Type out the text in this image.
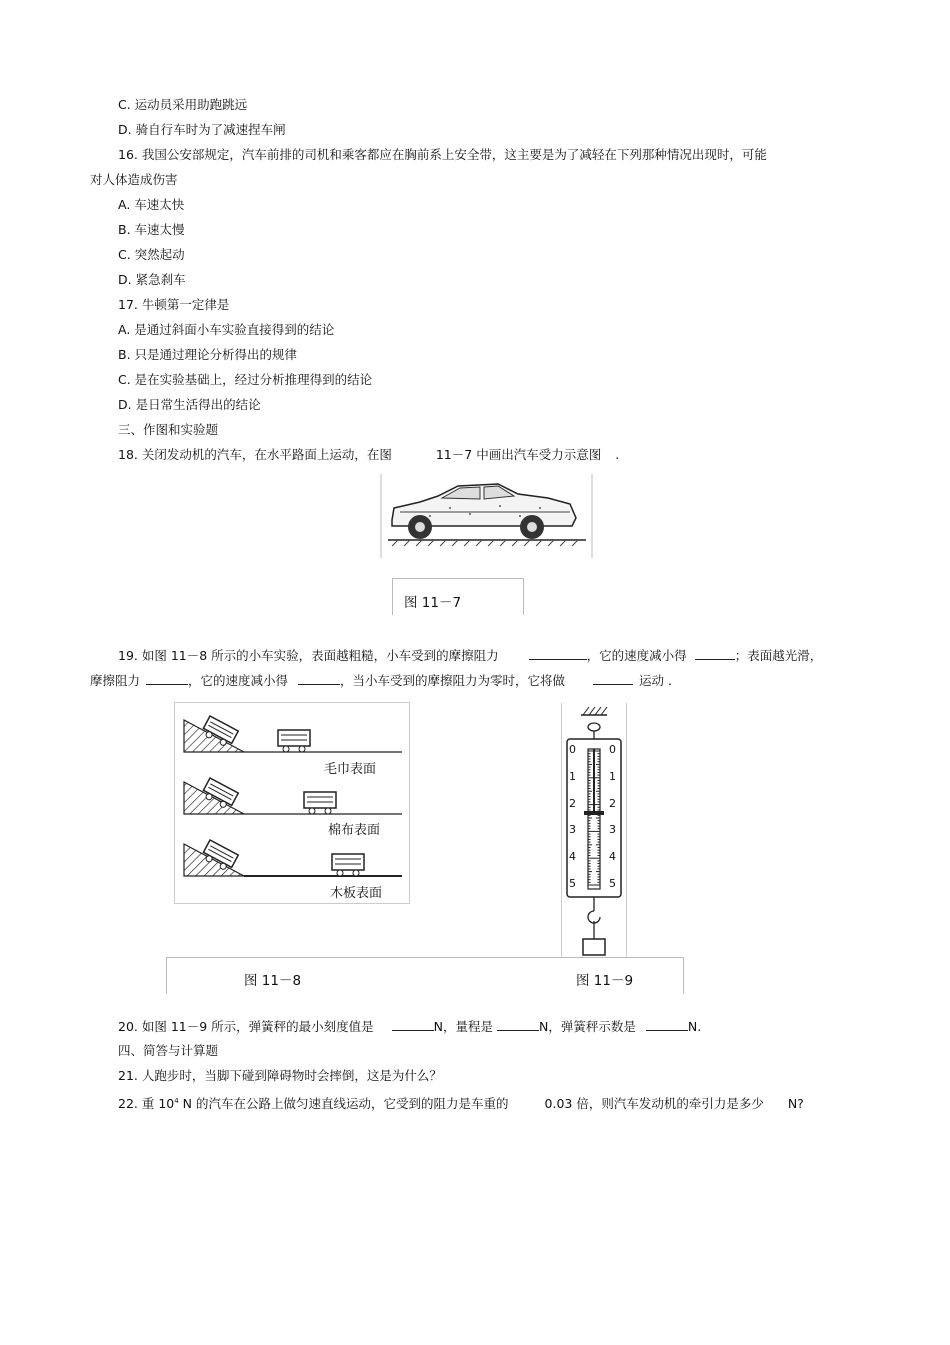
C. 运动员采用助跑跳远
D. 骑自行车时为了减速捏车闸
16. 我国公安部规定，汽车前排的司机和乘客都应在胸前系上安全带，这主要是为了减轻在下列那种情况出现时，可能
对人体造成伤害
A. 车速太快
B. 车速太慢
C. 突然起动
D. 紧急刹车
17. 牛顿第一定律是
A. 是通过斜面小车实验直接得到的结论
B. 只是通过理论分析得出的规律
C. 是在实验基础上，经过分析推理得到的结论
D. 是日常生活得出的结论
三、作图和实验题
18. 关闭发动机的汽车，在水平路面上运动，在图	11－7 中画出汽车受力示意图 .
图 11－7
19. 如图 11－8 所示的小车实验，表面越粗糙，小车受到的摩擦阻力	，它的速度减小得	；表面越光滑，
摩擦阻力	，它的速度减小得	，当小车受到的摩擦阻力为零时，它将做	运动 .
毛巾表面
棉布表面
木板表面
0	0
1	1
2	2
3	3
4	4
5	5
图 11－8	图 11－9
20. 如图 11－9 所示，弹簧秤的最小刻度值是	N，量程是	N，弹簧秤示数是	N.
四、简答与计算题
21. 人跑步时，当脚下碰到障碍物时会摔倒，这是为什么？
22. 重 $10^4$ N 的汽车在公路上做匀速直线运动，它受到的阻力是车重的	0.03 倍，则汽车发动机的牵引力是多少 N?
